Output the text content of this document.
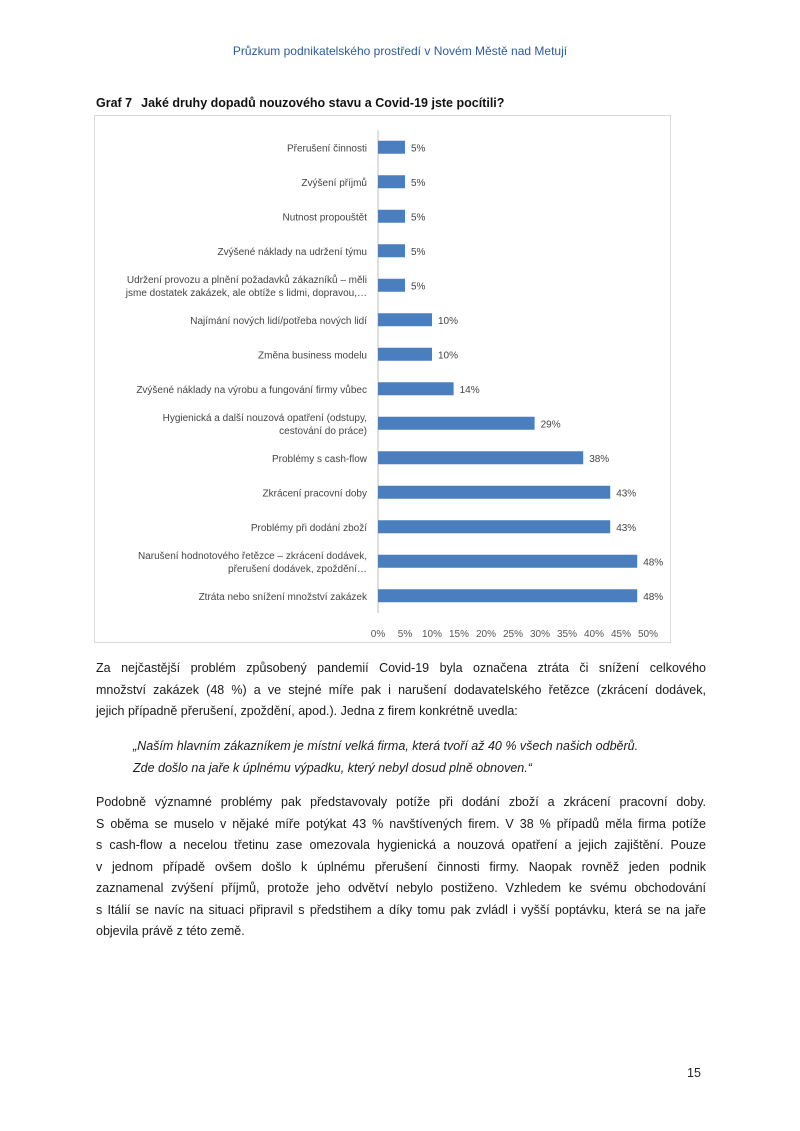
Průzkum podnikatelského prostředí v Novém Městě nad Metují
Graf 7 Jaké druhy dopadů nouzového stavu a Covid-19 jste pocítili?
5%
Přerušení činnosti
5%
Zvýšení příjmů
5%
Nutnost propouštět
5%
Zvýšené náklady na udržení týmu
5%
Udržení provozu a plnění požadavků zákazníků – měli
jsme dostatek zakázek, ale obtíže s lidmi, dopravou,…
10%
Najímání nových lidí/potřeba nových lidí
10%
Změna business modelu
14%
Zvýšené náklady na výrobu a fungování firmy vůbec
29%
Hygienická a další nouzová opatření (odstupy,
cestování do práce)
38%
Problémy s cash-flow
43%
Zkrácení pracovní doby
43%
Problémy při dodání zboží
48%
Narušení hodnotového řetězce – zkrácení dodávek,
přerušení dodávek, zpoždění…
48%
Ztráta nebo snížení množství zakázek
0% 5% 10% 15% 20% 25% 30% 35% 40% 45% 50%
Za nejčastější problém způsobený pandemií Covid-19 byla označena ztráta či snížení celkového
množství zakázek (48 %) a ve stejné míře pak i narušení dodavatelského řetězce (zkrácení dodávek,
jejich případně přerušení, zpoždění, apod.). Jedna z firem konkrétně uvedla:
„Naším hlavním zákazníkem je místní velká firma, která tvoří až 40 % všech našich odběrů.
Zde došlo na jaře k úplnému výpadku, který nebyl dosud plně obnoven.“
Podobně významné problémy pak představovaly potíže při dodání zboží a zkrácení pracovní doby.
S oběma se muselo v nějaké míře potýkat 43 % navštívených firem. V 38 % případů měla firma potíže
s cash-flow a necelou třetinu zase omezovala hygienická a nouzová opatření a jejich zajištění. Pouze
v jednom případě ovšem došlo k úplnému přerušení činnosti firmy. Naopak rovněž jeden podnik
zaznamenal zvýšení příjmů, protože jeho odvětví nebylo postiženo. Vzhledem ke svému obchodování
s Itálií se navíc na situaci připravil s předstihem a díky tomu pak zvládl i vyšší poptávku, která se na jaře
objevila právě z této země.
15
